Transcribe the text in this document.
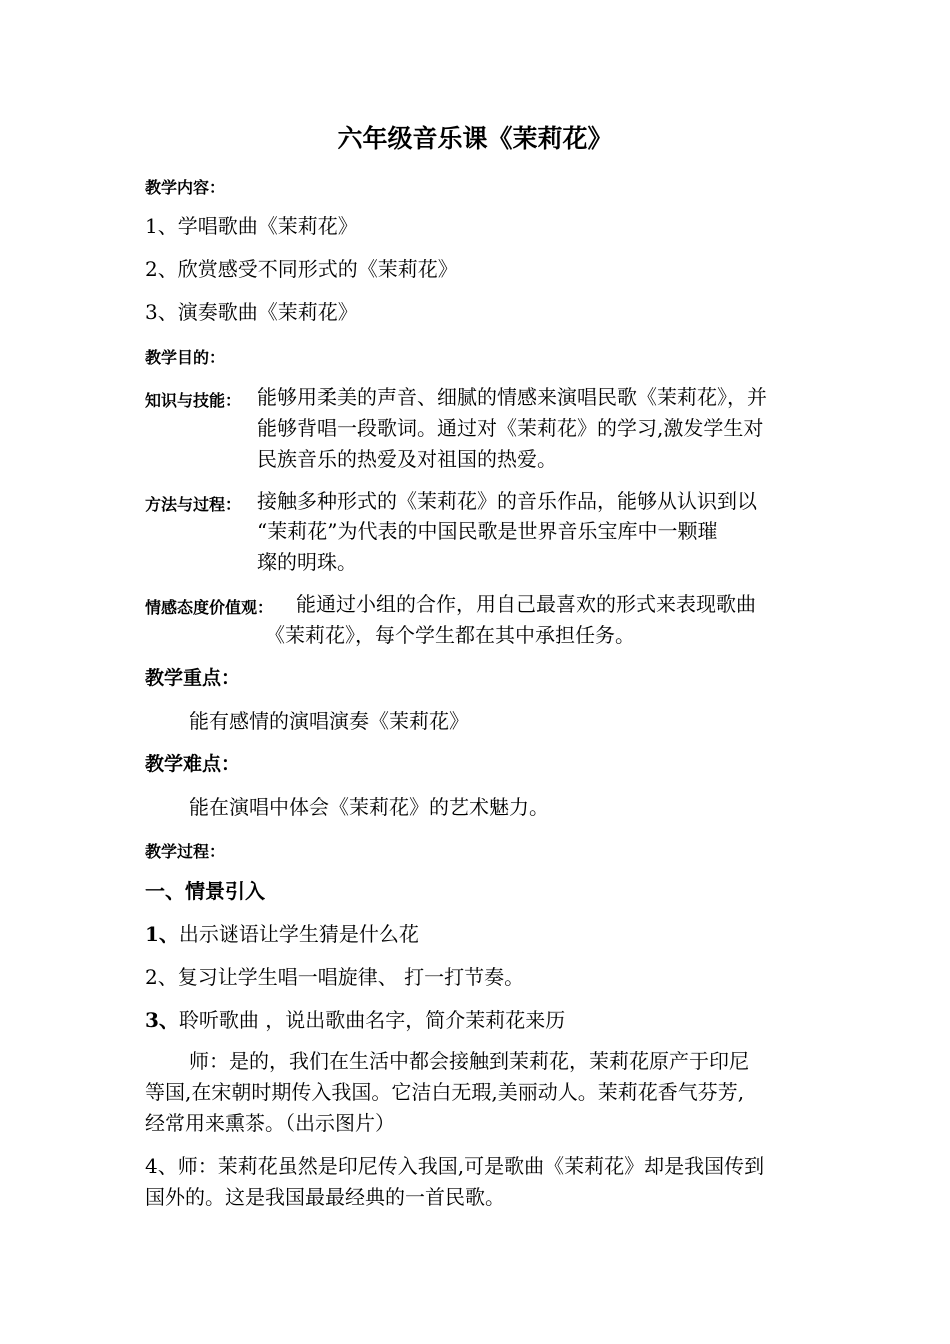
六年级音乐课《茉莉花》
教学内容：
1、学唱歌曲《茉莉花》
2、欣赏感受不同形式的《茉莉花》
3、演奏歌曲《茉莉花》
教学目的：
知识与技能： 能够用柔美的声音、细腻的情感来演唱民歌《茉莉花》，并
能够背唱一段歌词。通过对《茉莉花》的学习,激发学生对
民族音乐的热爱及对祖国的热爱。
方法与过程： 接触多种形式的《茉莉花》的音乐作品，能够从认识到以
“茉莉花”为代表的中国民歌是世界音乐宝库中一颗璀
璨的明珠。
情感态度价值观： 能通过小组的合作，用自己最喜欢的形式来表现歌曲
《茉莉花》，每个学生都在其中承担任务。
教学重点：
能有感情的演唱演奏《茉莉花》
教学难点：
能在演唱中体会《茉莉花》的艺术魅力。
教学过程：
一、情景引入
1、出示谜语让学生猜是什么花
2、复习让学生唱一唱旋律、 打一打节奏。
3、聆听歌曲 ，说出歌曲名字，简介茉莉花来历
师：是的，我们在生活中都会接触到茉莉花，茉莉花原产于印尼
等国,在宋朝时期传入我国。它洁白无瑕,美丽动人。茉莉花香气芬芳,
经常用来熏茶。（出示图片）
4、师：茉莉花虽然是印尼传入我国,可是歌曲《茉莉花》却是我国传到
国外的。这是我国最最经典的一首民歌。
